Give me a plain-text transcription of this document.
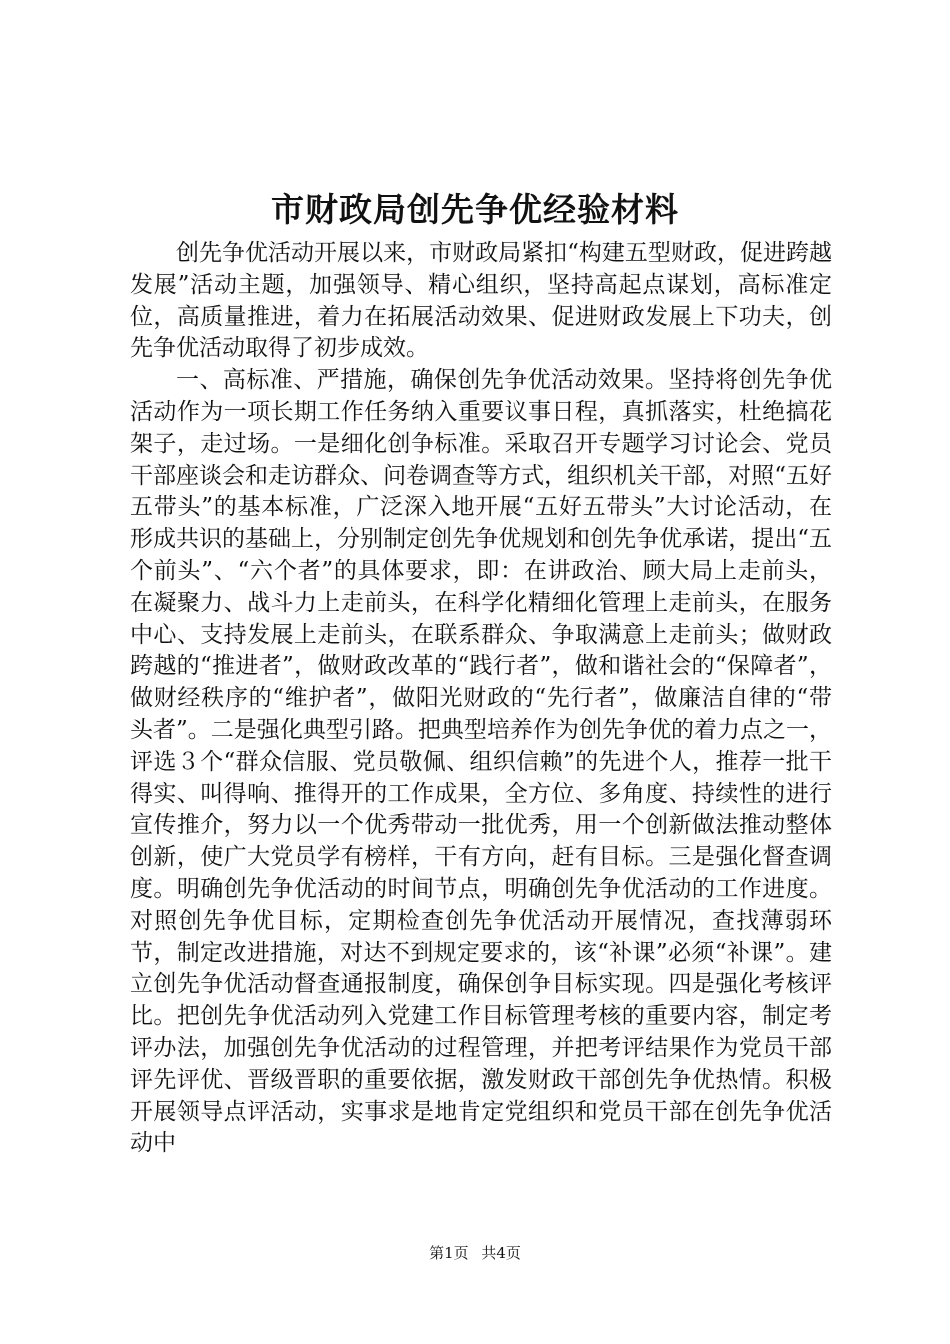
市财政局创先争优经验材料

创先争优活动开展以来，市财政局紧扣“构建五型财政，促进跨越发展”活动主题，加强领导、精心组织，坚持高起点谋划，高标准定位，高质量推进，着力在拓展活动效果、促进财政发展上下功夫，创先争优活动取得了初步成效。

一、高标准、严措施，确保创先争优活动效果。坚持将创先争优活动作为一项长期工作任务纳入重要议事日程，真抓落实，杜绝搞花架子，走过场。一是细化创争标准。采取召开专题学习讨论会、党员干部座谈会和走访群众、问卷调查等方式，组织机关干部，对照“五好五带头”的基本标准，广泛深入地开展“五好五带头”大讨论活动，在形成共识的基础上，分别制定创先争优规划和创先争优承诺，提出“五个前头”、“六个者”的具体要求，即：在讲政治、顾大局上走前头，在凝聚力、战斗力上走前头，在科学化精细化管理上走前头，在服务中心、支持发展上走前头，在联系群众、争取满意上走前头；做财政跨越的“推进者”，做财政改革的“践行者”，做和谐社会的“保障者”，做财经秩序的“维护者”，做阳光财政的“先行者”，做廉洁自律的“带头者”。二是强化典型引路。把典型培养作为创先争优的着力点之一，评选３个“群众信服、党员敬佩、组织信赖”的先进个人，推荐一批干得实、叫得响、推得开的工作成果，全方位、多角度、持续性的进行宣传推介，努力以一个优秀带动一批优秀，用一个创新做法推动整体创新，使广大党员学有榜样，干有方向，赶有目标。三是强化督查调度。明确创先争优活动的时间节点，明确创先争优活动的工作进度。对照创先争优目标，定期检查创先争优活动开展情况，查找薄弱环节，制定改进措施，对达不到规定要求的，该“补课”必须“补课”。建立创先争优活动督查通报制度，确保创争目标实现。四是强化考核评比。把创先争优活动列入党建工作目标管理考核的重要内容，制定考评办法，加强创先争优活动的过程管理，并把考评结果作为党员干部评先评优、晋级晋职的重要依据，激发财政干部创先争优热情。积极开展领导点评活动，实事求是地肯定党组织和党员干部在创先争优活动中

第1页 共4页
